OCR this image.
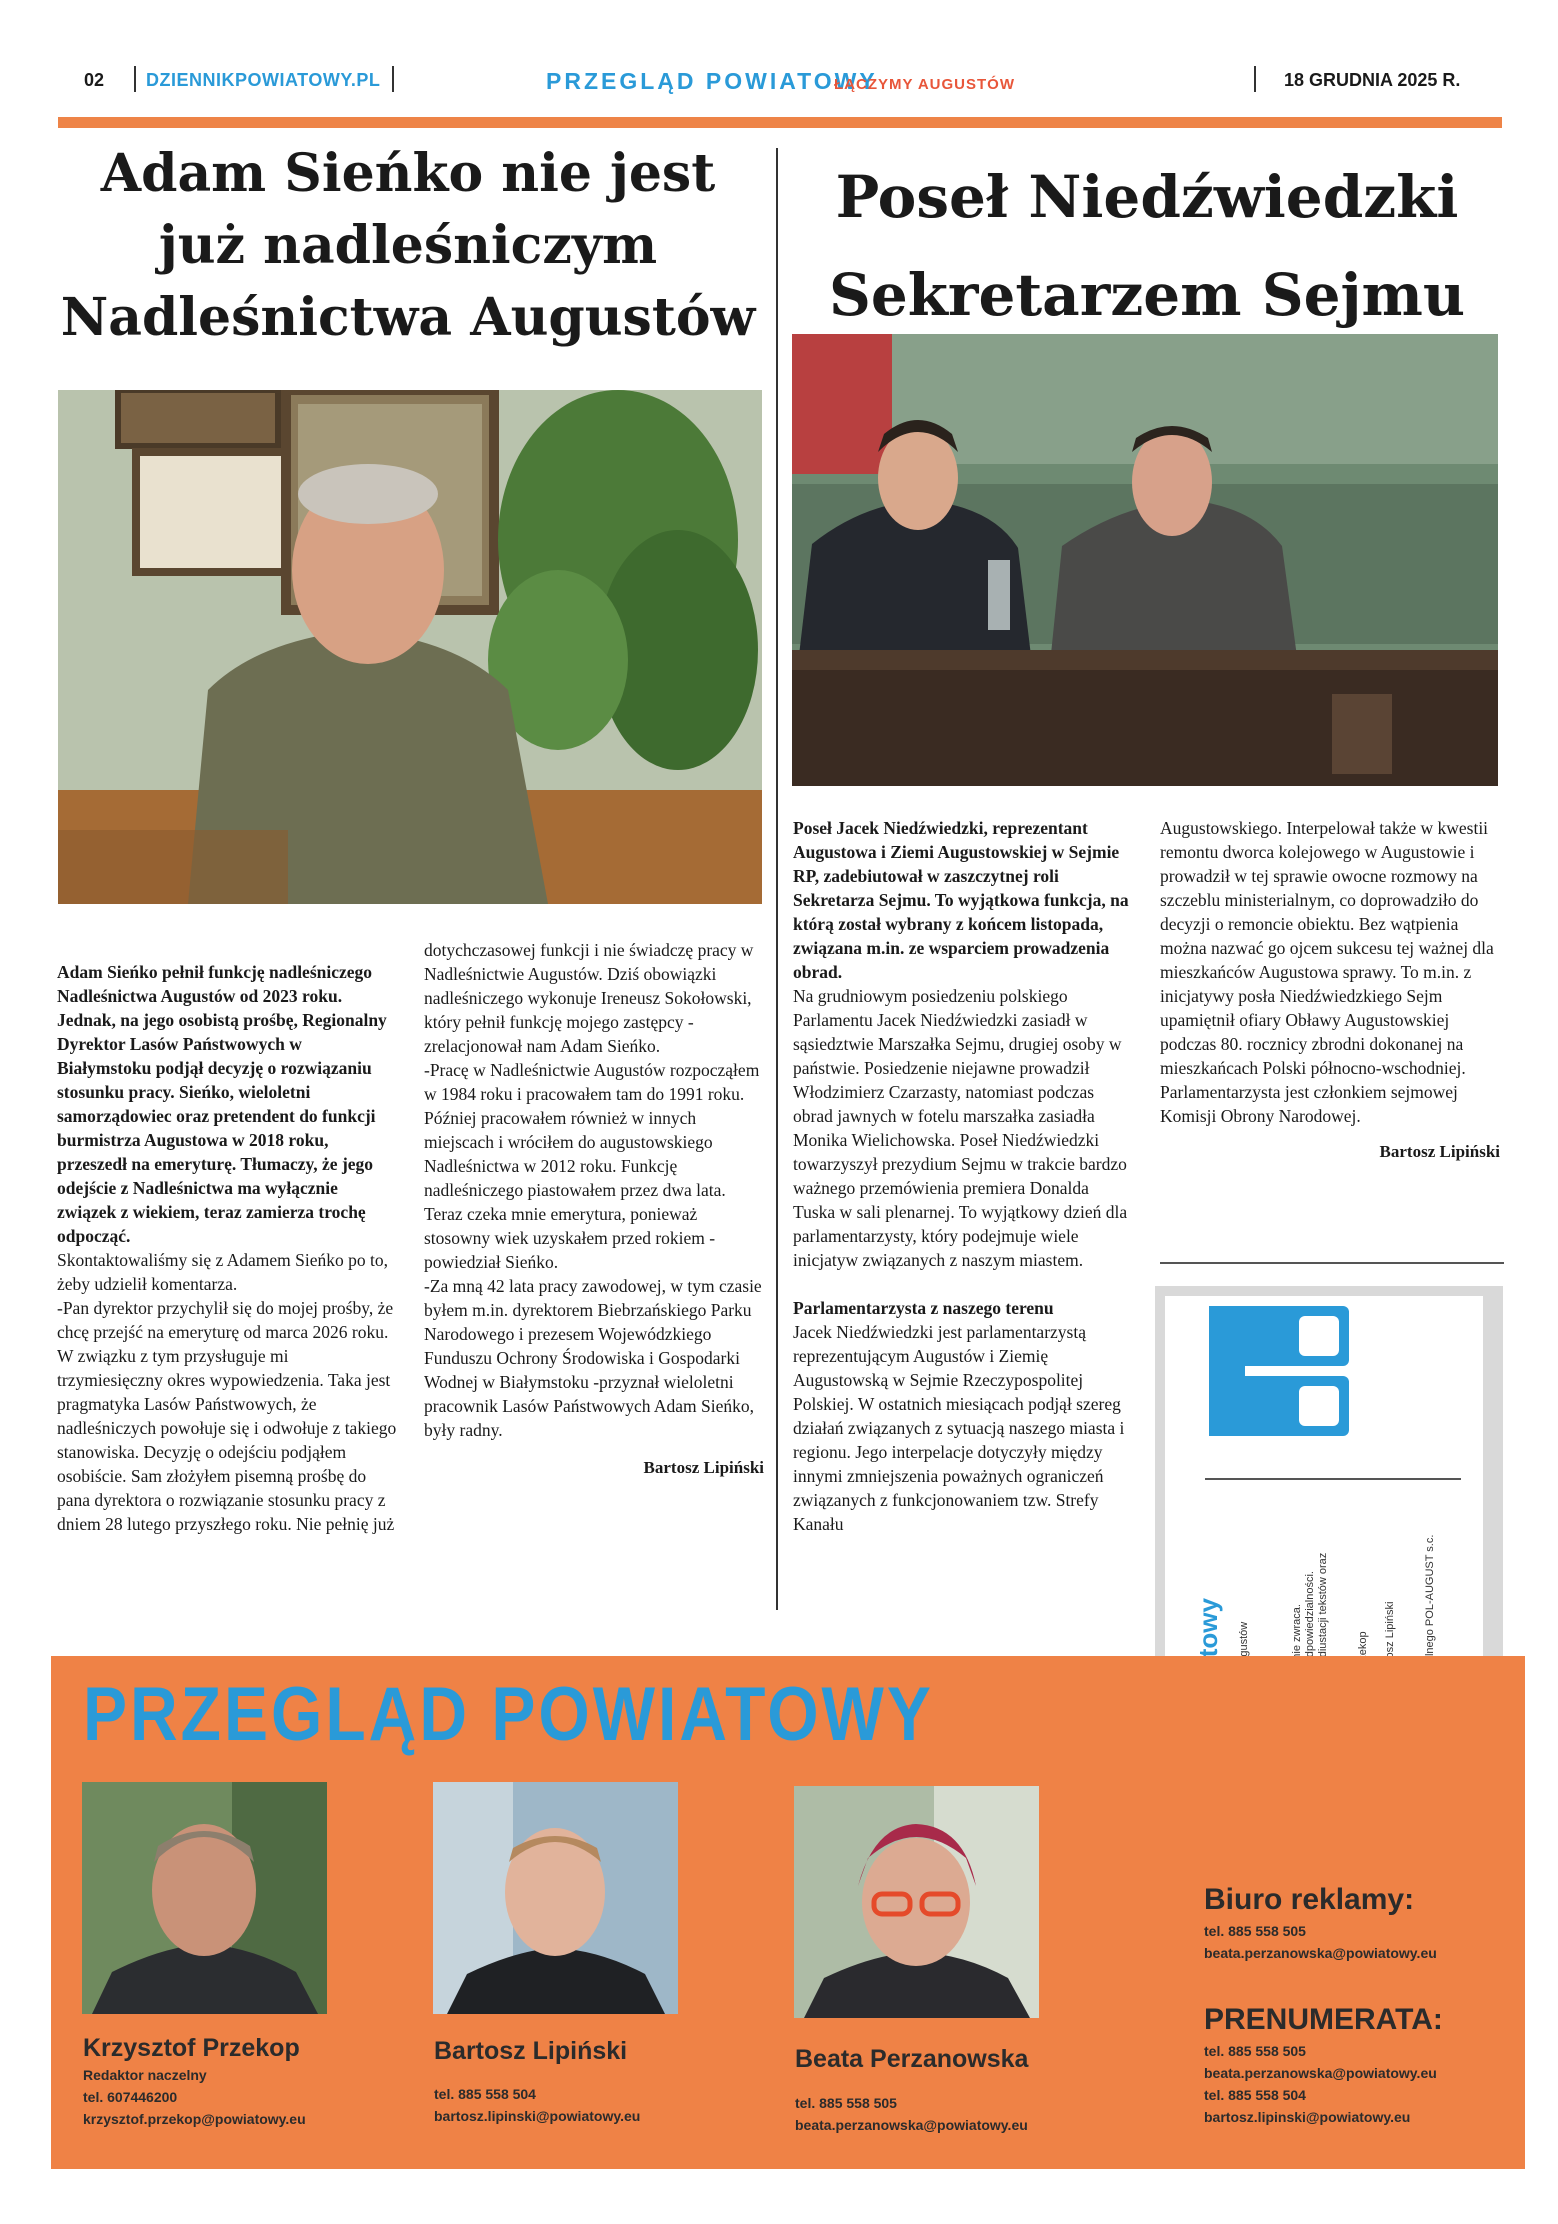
02 DZIENNIKPOWIATOWY.PL	PRZEGLĄD POWIATOWY
ŁĄCZYMY AUGUSTÓW	18 GRUDNIA 2025 R.
Adam Sieńko nie jest już nadleśniczym Nadleśnictwa Augustów

Adam Sieńko pełnił funkcję nadleśniczego Nadleśnictwa Augustów od 2023 roku. Jednak, na jego osobistą prośbę, Regionalny Dyrektor Lasów Państwowych w Białymstoku podjął decyzję o rozwiązaniu stosunku pracy. Sieńko, wieloletni samorządowiec oraz pretendent do funkcji burmistrza Augustowa w 2018 roku, przeszedł na emeryturę. Tłumaczy, że jego odejście z Nadleśnictwa ma wyłącznie związek z wiekiem, teraz zamierza trochę odpocząć.

Skontaktowaliśmy się z Adamem Sieńko po to, żeby udzielił komentarza.

-Pan dyrektor przychylił się do mojej prośby, że chcę przejść na emeryturę od marca 2026 roku. W związku z tym przysługuje mi trzymiesięczny okres wypowiedzenia. Taka jest pragmatyka Lasów Państwowych, że nadleśniczych powołuje się i odwołuje z takiego stanowiska. Decyzję o odejściu podjąłem osobiście. Sam złożyłem pisemną prośbę do pana dyrektora o rozwiązanie stosunku pracy z dniem 28 lutego przyszłego roku. Nie pełnię już

dotychczasowej funkcji i nie świadczę pracy w Nadleśnictwie Augustów. Dziś obowiązki nadleśniczego wykonuje Ireneusz Sokołowski, który pełnił funkcję mojego zastępcy -zrelacjonował nam Adam Sieńko.

-Pracę w Nadleśnictwie Augustów rozpocząłem w 1984 roku i pracowałem tam do 1991 roku. Później pracowałem również w innych miejscach i wróciłem do augustowskiego Nadleśnictwa w 2012 roku. Funkcję nadleśniczego piastowałem przez dwa lata. Teraz czeka mnie emerytura, ponieważ stosowny wiek uzyskałem przed rokiem -powiedział Sieńko.

-Za mną 42 lata pracy zawodowej, w tym czasie byłem m.in. dyrektorem Biebrzańskiego Parku Narodowego i prezesem Wojewódzkiego Funduszu Ochrony Środowiska i Gospodarki Wodnej w Białymstoku -przyznał wieloletni pracownik Lasów Państwowych Adam Sieńko, były radny.

Bartosz Lipiński

Poseł Niedźwiedzki Sekretarzem Sejmu

Poseł Jacek Niedźwiedzki, reprezentant Augustowa i Ziemi Augustowskiej w Sejmie RP, zadebiutował w zaszczytnej roli Sekretarza Sejmu. To wyjątkowa funkcja, na którą został wybrany z końcem listopada, związana m.in. ze wsparciem prowadzenia obrad.

Na grudniowym posiedzeniu polskiego Parlamentu Jacek Niedźwiedzki zasiadł w sąsiedztwie Marszałka Sejmu, drugiej osoby w państwie. Posiedzenie niejawne prowadził Włodzimierz Czarzasty, natomiast podczas obrad jawnych w fotelu marszałka zasiadła Monika Wielichowska. Poseł Niedźwiedzki towarzyszył prezydium Sejmu w trakcie bardzo ważnego przemówienia premiera Donalda Tuska w sali plenarnej. To wyjątkowy dzień dla parlamentarzysty, który podejmuje wiele inicjatyw związanych z naszym miastem.

Parlamentarzysta z naszego terenu

Jacek Niedźwiedzki jest parlamentarzystą reprezentującym Augustów i Ziemię Augustowską w Sejmie Rzeczypospolitej Polskiej. W ostatnich miesiącach podjął szereg działań związanych z sytuacją naszego miasta i regionu. Jego interpelacje dotyczyły między innymi zmniejszenia poważnych ograniczeń związanych z funkcjonowaniem tzw. Strefy Kanału

Augustowskiego. Interpelował także w kwestii remontu dworca kolejowego w Augustowie i prowadził w tej sprawie owocne rozmowy na szczeblu ministerialnym, co doprowadziło do decyzji o remoncie obiektu. Bez wątpienia można nazwać go ojcem sukcesu tej ważnej dla mieszkańców Augustowa sprawy. To m.in. z inicjatywy posła Niedźwiedzkiego Sejm upamiętnił ofiary Obławy Augustowskiej podczas 80. rocznicy zbrodni dokonanej na mieszkańcach Polski północno-wschodniej. Parlamentarzysta jest członkiem sejmowej Komisji Obrony Narodowej.

Bartosz Lipiński

PRZEGLĄD POWIATOWY
Krzysztof Przekop
Redaktor naczelny
tel. 607446200
krzysztof.przekop@powiatowy.eu
Bartosz Lipiński
tel. 885 558 504
bartosz.lipinski@powiatowy.eu
Beata Perzanowska
tel. 885 558 505
beata.perzanowska@powiatowy.eu
Biuro reklamy:
tel. 885 558 505
beata.perzanowska@powiatowy.eu
PRENUMERATA:
tel. 885 558 505
beata.perzanowska@powiatowy.eu
tel. 885 558 504
bartosz.lipinski@powiatowy.eu
